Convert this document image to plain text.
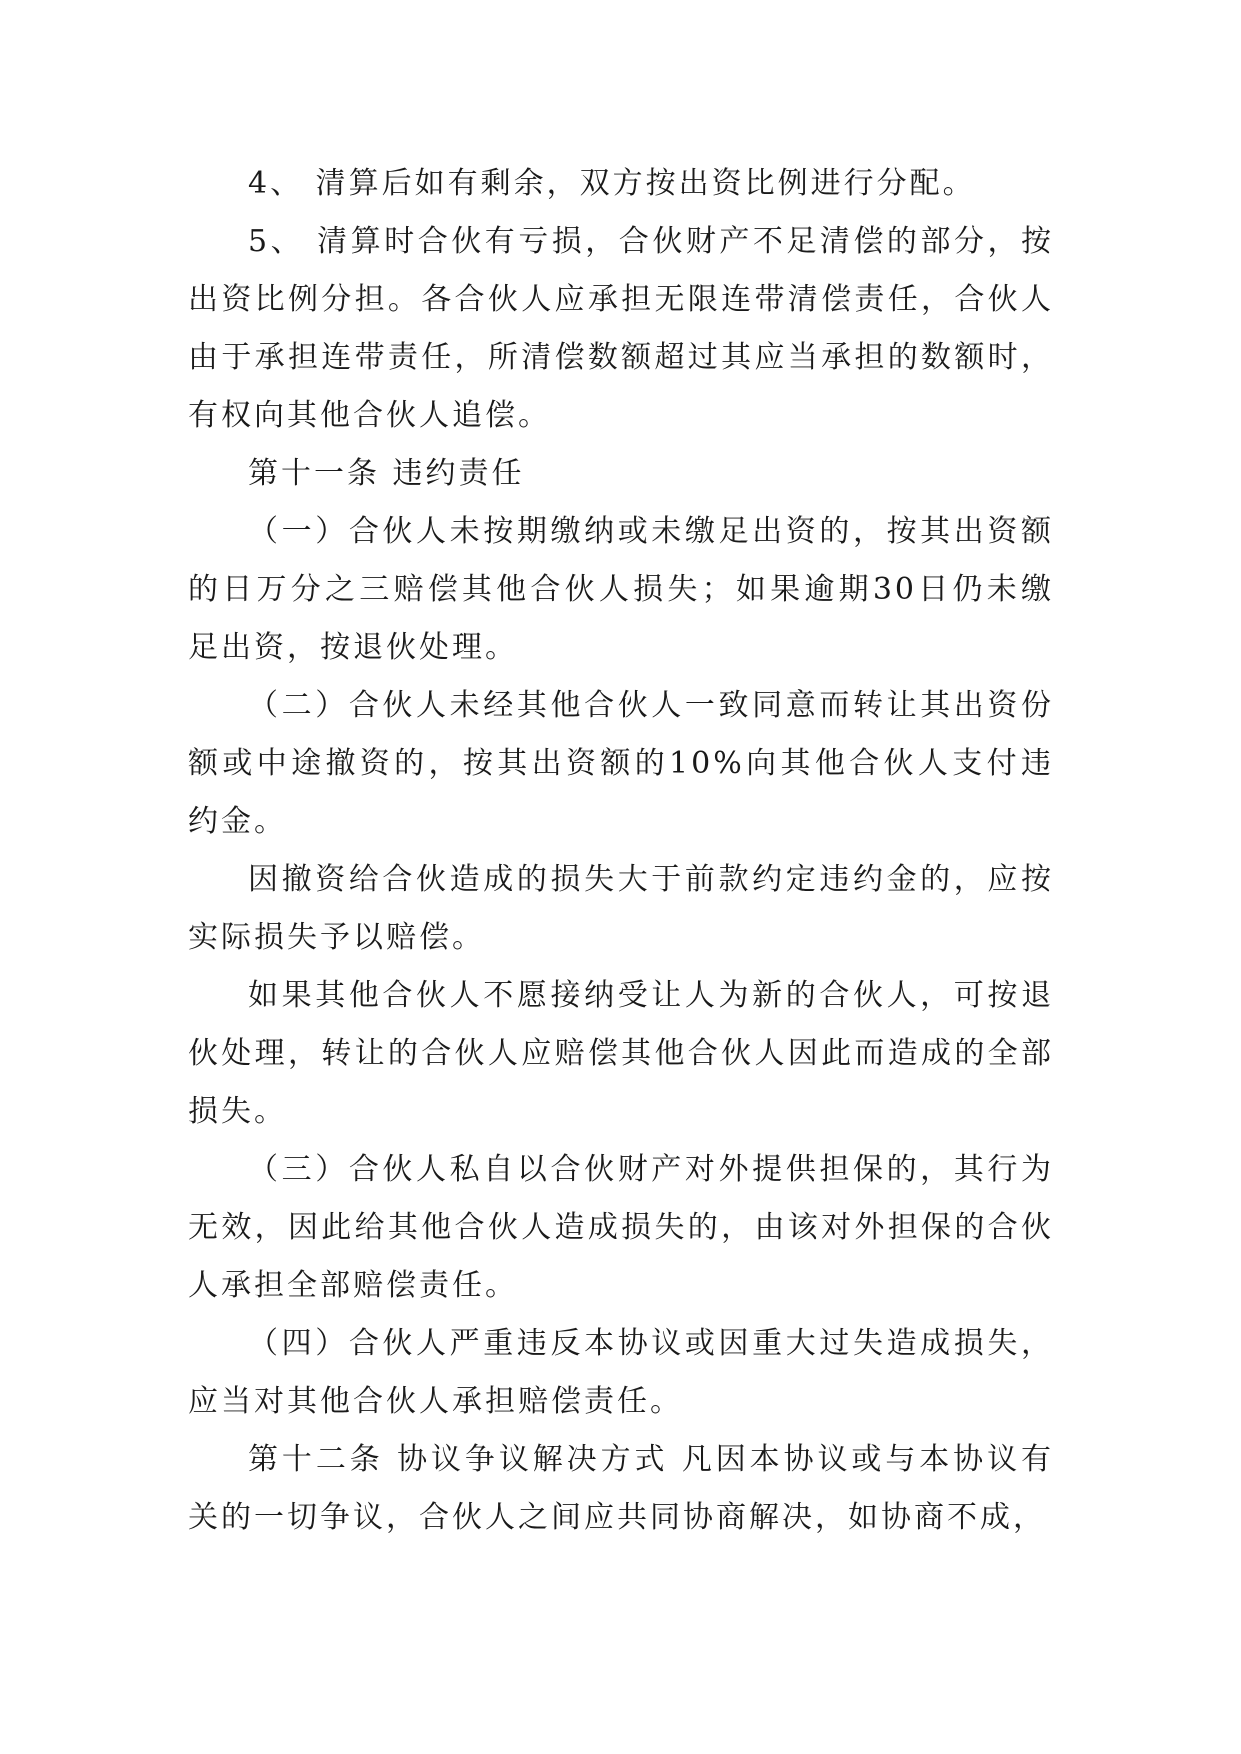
4、 清算后如有剩余，双方按出资比例进行分配。

5、 清算时合伙有亏损，合伙财产不足清偿的部分，按出资比例分担。各合伙人应承担无限连带清偿责任，合伙人由于承担连带责任，所清偿数额超过其应当承担的数额时，有权向其他合伙人追偿。

第十一条 违约责任

（一）合伙人未按期缴纳或未缴足出资的，按其出资额的日万分之三赔偿其他合伙人损失；如果逾期30日仍未缴足出资，按退伙处理。

（二）合伙人未经其他合伙人一致同意而转让其出资份额或中途撤资的，按其出资额的10%向其他合伙人支付违约金。

因撤资给合伙造成的损失大于前款约定违约金的，应按实际损失予以赔偿。

如果其他合伙人不愿接纳受让人为新的合伙人，可按退伙处理，转让的合伙人应赔偿其他合伙人因此而造成的全部损失。

（三）合伙人私自以合伙财产对外提供担保的，其行为无效，因此给其他合伙人造成损失的，由该对外担保的合伙人承担全部赔偿责任。

（四）合伙人严重违反本协议或因重大过失造成损失，应当对其他合伙人承担赔偿责任。

第十二条 协议争议解决方式 凡因本协议或与本协议有关的一切争议，合伙人之间应共同协商解决，如协商不成，
